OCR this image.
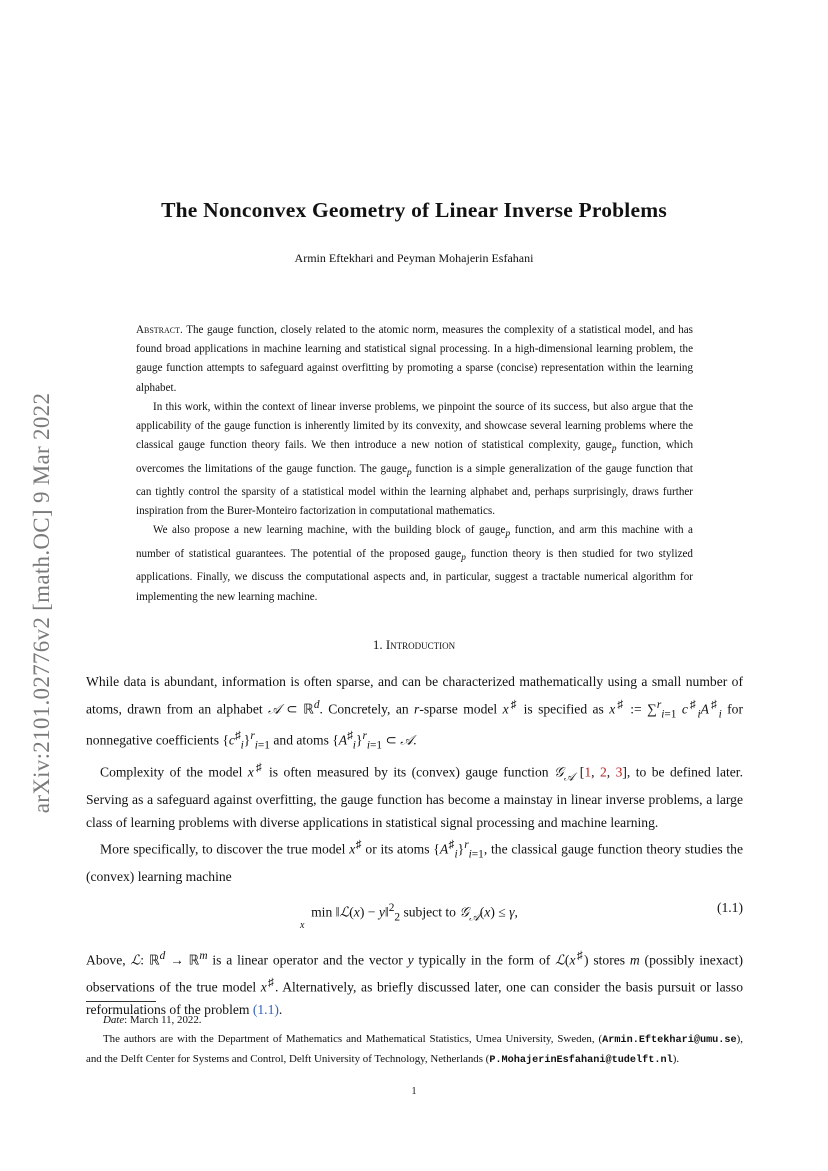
arXiv:2101.02776v2 [math.OC] 9 Mar 2022
The Nonconvex Geometry of Linear Inverse Problems
Armin Eftekhari and Peyman Mohajerin Esfahani

Abstract. The gauge function, closely related to the atomic norm, measures the complexity of a statistical model, and has found broad applications in machine learning and statistical signal processing. In a high-dimensional learning problem, the gauge function attempts to safeguard against overfitting by promoting a sparse (concise) representation within the learning alphabet.

In this work, within the context of linear inverse problems, we pinpoint the source of its success, but also argue that the applicability of the gauge function is inherently limited by its convexity, and showcase several learning problems where the classical gauge function theory fails. We then introduce a new notion of statistical complexity, gauge$_p$ function, which overcomes the limitations of the gauge function. The gauge$_p$ function is a simple generalization of the gauge function that can tightly control the sparsity of a statistical model within the learning alphabet and, perhaps surprisingly, draws further inspiration from the Burer-Monteiro factorization in computational mathematics.

We also propose a new learning machine, with the building block of gauge$_p$ function, and arm this machine with a number of statistical guarantees. The potential of the proposed gauge$_p$ function theory is then studied for two stylized applications. Finally, we discuss the computational aspects and, in particular, suggest a tractable numerical algorithm for implementing the new learning machine.

1. Introduction

While data is abundant, information is often sparse, and can be characterized mathematically using a small number of atoms, drawn from an alphabet 𝒜 ⊂ ℝ$^d$. Concretely, an r-sparse model x♯ is specified as x♯ := ∑$^r_{i=1}$ $c^♯_iA^♯_i$ for nonnegative coefficients $\{c^♯_i\}^r_{i=1}$ and atoms $\{A^♯_i\}^r_{i=1}$ ⊂ 𝒜.

Complexity of the model x♯ is often measured by its (convex) gauge function 𝒢$_𝒜$ [1, 2, 3], to be defined later. Serving as a safeguard against overfitting, the gauge function has become a mainstay in linear inverse problems, a large class of learning problems with diverse applications in statistical signal processing and machine learning.

More specifically, to discover the true model x♯ or its atoms $\{A^♯_i\}^r_{i=1}$, the classical gauge function theory studies the (convex) learning machine

min ‖ℒ(x) − y‖$^2_2$ subject to 𝒢$_𝒜$(x) ≤ γ,
x
(1.1)

Above, ℒ: ℝ$^d$ → ℝ$^m$ is a linear operator and the vector y typically in the form of ℒ(x♯) stores m (possibly inexact) observations of the true model x♯. Alternatively, as briefly discussed later, one can consider the basis pursuit or lasso reformulations of the problem (1.1).

Date: March 11, 2022.

The authors are with the Department of Mathematics and Mathematical Statistics, Umea University, Sweden, (Armin.Eftekhari@umu.se), and the Delft Center for Systems and Control, Delft University of Technology, Netherlands (P.MohajerinEsfahani@tudelft.nl).

1
